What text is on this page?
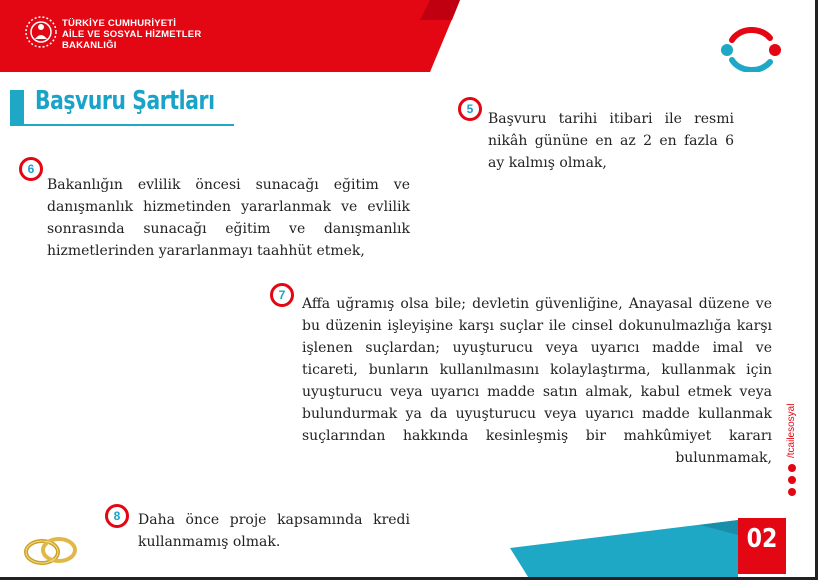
TÜRKİYE CUMHURİYETİ
AİLE VE SOSYAL HİZMETLER
BAKANLIĞI
Başvuru Şartları	5
Başvuru tarihi itibari ile resmi nikâh gününe en az 2 en fazla 6 ay kalmış olmak,
6
Bakanlığın evlilik öncesi sunacağı eğitim ve danışmanlık hizmetinden yararlanmak ve evlilik sonrasında sunacağı eğitim ve danışmanlık hizmetlerinden yararlanmayı taahhüt etmek,
7
Affa uğramış olsa bile; devletin güvenliğine, Anayasal düzene ve bu düzenin işleyişine karşı suçlar ile cinsel dokunulmazlığa karşı işlenen suçlardan; uyuşturucu veya uyarıcı madde imal ve ticareti, bunların kullanılmasını kolaylaştırma, kullanmak için uyuşturucu veya uyarıcı madde satın almak, kabul etmek veya bulundurmak ya da uyuşturucu veya uyarıcı madde kullanmak suçlarından hakkında kesinleşmiş bir mahkûmiyet kararı bulunmamak,
8	Daha önce proje kapsamında kredi kullanmamış olmak.
/tcailesosyal
02
